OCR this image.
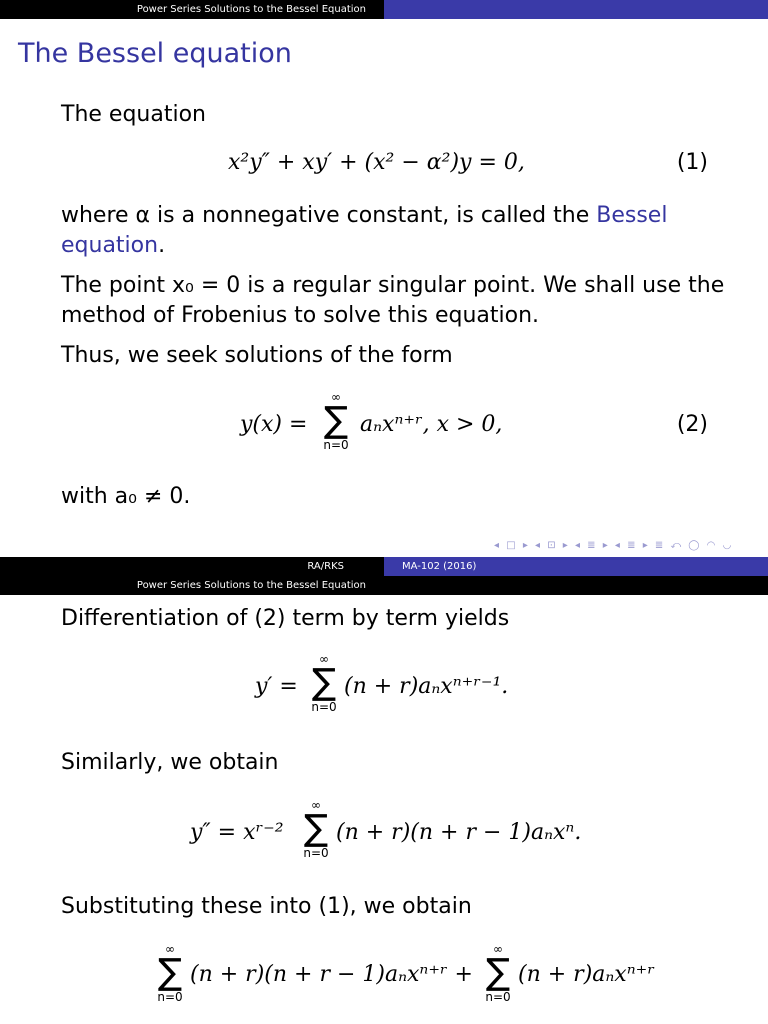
Power Series Solutions to the Bessel Equation
The Bessel equation
The equation
x²y″ + xy′ + (x² − α²)y = 0,	(1)
where α is a nonnegative constant, is called the Bessel
equation.
The point x₀ = 0 is a regular singular point. We shall use the
method of Frobenius to solve this equation.
Thus, we seek solutions of the form
y(x) =
∞
∑
n=0
aₙxⁿ⁺ʳ, x > 0,	(2)
with a₀ ≠ 0.
◂ □ ▸ ◂ ⊡ ▸ ◂ ≣ ▸ ◂ ≣ ▸ ≣ ⤺ ◯ ◠ ◡
RA/RKS
Power Series Solutions to the Bessel Equation
MA-102 (2016)
Differentiation of (2) term by term yields
y′ =
∞
∑
n=0
(n + r)aₙxⁿ⁺ʳ⁻¹.
Similarly, we obtain
y″ = xʳ⁻²
∞
∑
n=0
(n + r)(n + r − 1)aₙxⁿ.
Substituting these into (1), we obtain
∞
∑
n=0
(n + r)(n + r − 1)aₙxⁿ⁺ʳ +
∞
∑
n=0
(n + r)aₙxⁿ⁺ʳ
